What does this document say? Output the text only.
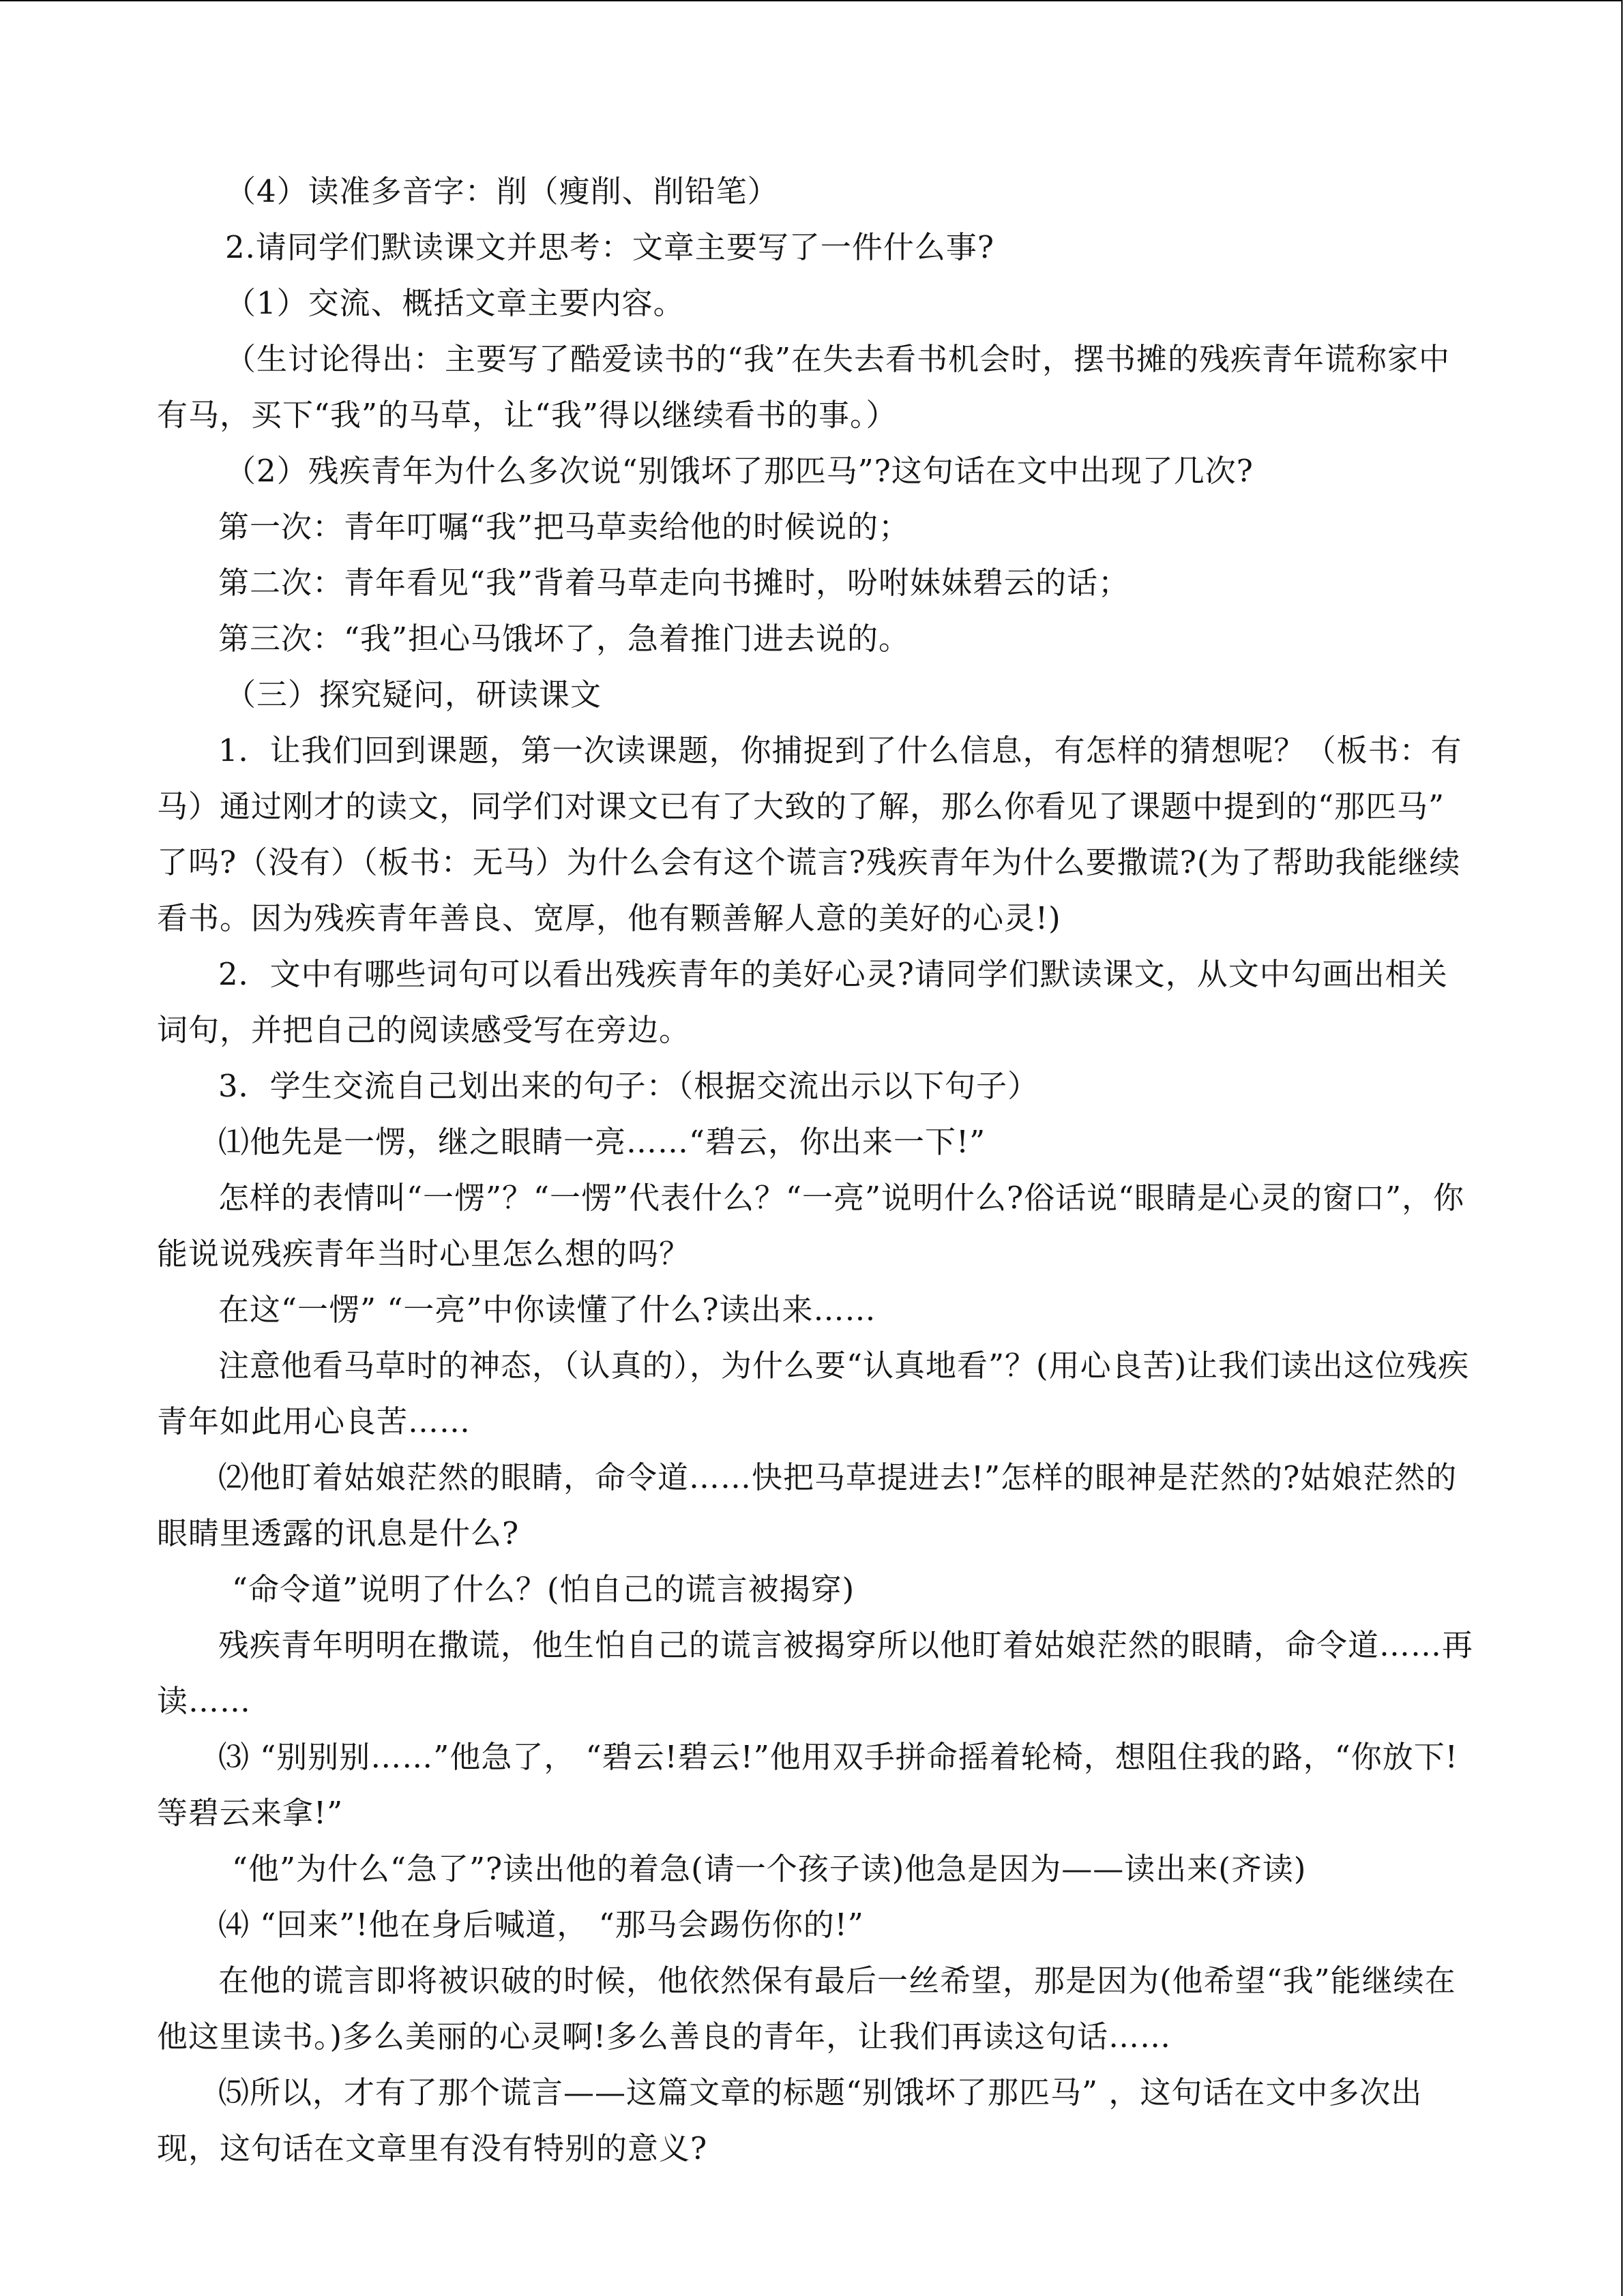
（4）读准多音字：削（瘦削、削铅笔）

2.请同学们默读课文并思考：文章主要写了一件什么事?

（1）交流、概括文章主要内容。

（生讨论得出：主要写了酷爱读书的“我”在失去看书机会时，摆书摊的残疾青年谎称家中有马，买下“我”的马草，让“我”得以继续看书的事。）

（2）残疾青年为什么多次说“别饿坏了那匹马”?这句话在文中出现了几次?

第一次：青年叮嘱“我”把马草卖给他的时候说的；

第二次：青年看见“我”背着马草走向书摊时，吩咐妹妹碧云的话；

第三次：“我”担心马饿坏了，急着推门进去说的。

（三）探究疑问，研读课文

1．让我们回到课题，第一次读课题，你捕捉到了什么信息，有怎样的猜想呢？（板书：有马）通过刚才的读文，同学们对课文已有了大致的了解，那么你看见了课题中提到的“那匹马” 了吗?（没有）（板书：无马）为什么会有这个谎言?残疾青年为什么要撒谎?(为了帮助我能继续看书。因为残疾青年善良、宽厚，他有颗善解人意的美好的心灵!)

2．文中有哪些词句可以看出残疾青年的美好心灵?请同学们默读课文，从文中勾画出相关词句，并把自己的阅读感受写在旁边。

3．学生交流自己划出来的句子：（根据交流出示以下句子）

⑴他先是一愣，继之眼睛一亮……“碧云，你出来一下!”

怎样的表情叫“一愣”？“一愣”代表什么？“一亮”说明什么?俗话说“眼睛是心灵的窗口”，你能说说残疾青年当时心里怎么想的吗？

在这“一愣” “一亮”中你读懂了什么?读出来……

注意他看马草时的神态，（认真的），为什么要“认真地看”？(用心良苦)让我们读出这位残疾青年如此用心良苦……

⑵他盯着姑娘茫然的眼睛，命令道……快把马草提进去!”怎样的眼神是茫然的?姑娘茫然的眼睛里透露的讯息是什么?

“命令道”说明了什么？(怕自己的谎言被揭穿)

残疾青年明明在撒谎，他生怕自己的谎言被揭穿所以他盯着姑娘茫然的眼睛，命令道……再读……

⑶ “别别别……”他急了， “碧云!碧云!”他用双手拼命摇着轮椅，想阻住我的路，“你放下!等碧云来拿!”

“他”为什么“急了”?读出他的着急(请一个孩子读)他急是因为——读出来(齐读)

⑷ “回来”!他在身后喊道， “那马会踢伤你的!”

在他的谎言即将被识破的时候，他依然保有最后一丝希望，那是因为(他希望“我”能继续在他这里读书。)多么美丽的心灵啊!多么善良的青年，让我们再读这句话……

⑸所以，才有了那个谎言——这篇文章的标题“别饿坏了那匹马” ，这句话在文中多次出现，这句话在文章里有没有特别的意义?
